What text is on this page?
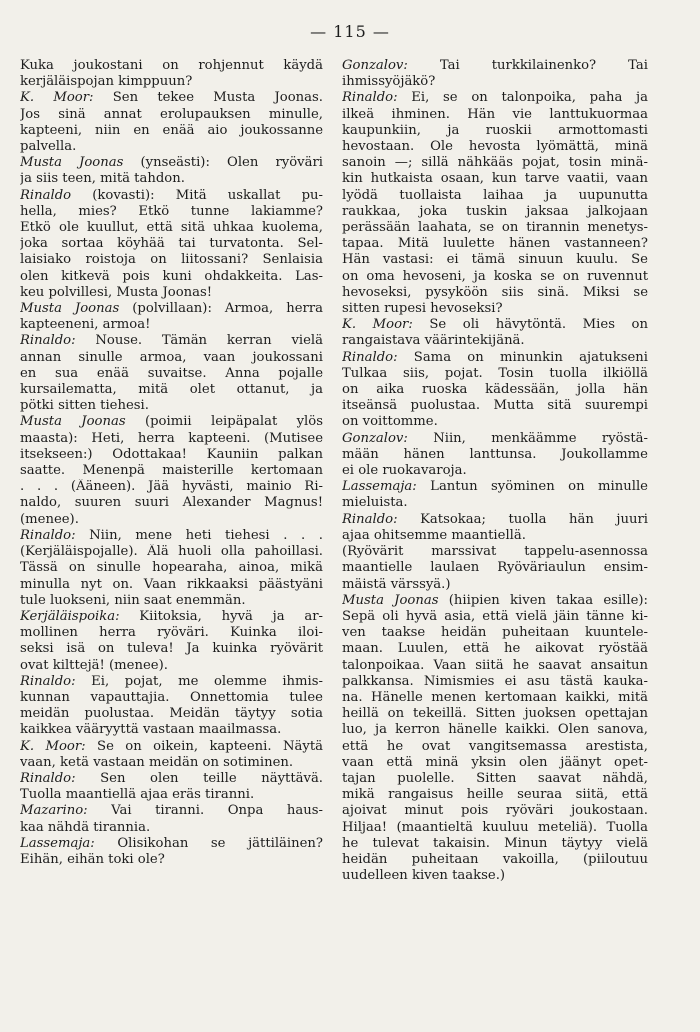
— 115 —
Kuka joukostani on rohjennut käydä
kerjäläispojan kimppuun?
K. Moor: Sen tekee Musta Joonas.
Jos sinä annat erolupauksen minulle,
kapteeni, niin en enää aio joukossanne
palvella.
Musta Joonas (ynseästi): Olen ryöväri
ja siis teen, mitä tahdon.
Rinaldo (kovasti): Mitä uskallat pu-
hella, mies? Etkö tunne lakiamme?
Etkö ole kuullut, että sitä uhkaa kuolema,
joka sortaa köyhää tai turvatonta. Sel-
laisiako roistoja on liitossani? Senlaisia
olen kitkevä pois kuni ohdakkeita. Las-
keu polvillesi, Musta Joonas!
Musta Joonas (polvillaan): Armoa, herra
kapteeneni, armoa!
Rinaldo: Nouse. Tämän kerran vielä
annan sinulle armoa, vaan joukossani
en sua enää suvaitse. Anna pojalle
kursailematta, mitä olet ottanut, ja
pötki sitten tiehesi.
Musta Joonas (poimii leipäpalat ylös
maasta): Heti, herra kapteeni. (Mutisee
itsekseen:) Odottakaa! Kauniin palkan
saatte. Menenpä maisterille kertomaan
. . . (Ääneen). Jää hyvästi, mainio Ri-
naldo, suuren suuri Alexander Magnus!
(menee).
Rinaldo: Niin, mene heti tiehesi . . .
(Kerjäläispojalle). Älä huoli olla pahoillasi.
Tässä on sinulle hopearaha, ainoa, mikä
minulla nyt on. Vaan rikkaaksi päästyäni
tule luokseni, niin saat enemmän.
Kerjäläispoika: Kiitoksia, hyvä ja ar-
mollinen herra ryöväri. Kuinka iloi-
seksi isä on tuleva! Ja kuinka ryövärit
ovat kilttejä! (menee).
Rinaldo: Ei, pojat, me olemme ihmis-
kunnan vapauttajia. Onnettomia tulee
meidän puolustaa. Meidän täytyy sotia
kaikkea vääryyttä vastaan maailmassa.
K. Moor: Se on oikein, kapteeni. Näytä
vaan, ketä vastaan meidän on sotiminen.
Rinaldo: Sen olen teille näyttävä.
Tuolla maantiellä ajaa eräs tiranni.
Mazarino: Vai tiranni. Onpa haus-
kaa nähdä tirannia.
Lassemaja: Olisikohan se jättiläinen?
Eihän, eihän toki ole?
Gonzalov: Tai turkkilainenko? Tai
ihmissyöjäkö?
Rinaldo: Ei, se on talonpoika, paha ja
ilkeä ihminen. Hän vie lanttukuormaa
kaupunkiin, ja ruoskii armottomasti
hevostaan. Ole hevosta lyömättä, minä
sanoin —; sillä nähkääs pojat, tosin minä-
kin hutkaista osaan, kun tarve vaatii, vaan
lyödä tuollaista laihaa ja uupunutta
raukkaa, joka tuskin jaksaa jalkojaan
perässään laahata, se on tirannin menetys-
tapaa. Mitä luulette hänen vastanneen?
Hän vastasi: ei tämä sinuun kuulu. Se
on oma hevoseni, ja koska se on ruvennut
hevoseksi, pysyköön siis sinä. Miksi se
sitten rupesi hevoseksi?
K. Moor: Se oli hävytöntä. Mies on
rangaistava väärintekijänä.
Rinaldo: Sama on minunkin ajatukseni
Tulkaa siis, pojat. Tosin tuolla ilkiöllä
on aika ruoska kädessään, jolla hän
itseänsä puolustaa. Mutta sitä suurempi
on voittomme.
Gonzalov: Niin, menkäämme ryöstä-
mään hänen lanttunsa. Joukollamme
ei ole ruokavaroja.
Lassemaja: Lantun syöminen on minulle
mieluista.
Rinaldo: Katsokaa; tuolla hän juuri
ajaa ohitsemme maantiellä.
(Ryövärit marssivat tappelu-asennossa
maantielle laulaen Ryöväriaulun ensim-
mäistä värssyä.)
Musta Joonas (hiipien kiven takaa esille):
Sepä oli hyvä asia, että vielä jäin tänne ki-
ven taakse heidän puheitaan kuuntele-
maan. Luulen, että he aikovat ryöstää
talonpoikaa. Vaan siitä he saavat ansaitun
palkkansa. Nimismies ei asu tästä kauka-
na. Hänelle menen kertomaan kaikki, mitä
heillä on tekeillä. Sitten juoksen opettajan
luo, ja kerron hänelle kaikki. Olen sanova,
että he ovat vangitsemassa arestista,
vaan että minä yksin olen jäänyt opet-
tajan puolelle. Sitten saavat nähdä,
mikä rangaisus heille seuraa siitä, että
ajoivat minut pois ryöväri joukostaan.
Hiljaa! (maantieltä kuuluu meteliä). Tuolla
he tulevat takaisin. Minun täytyy vielä
heidän puheitaan vakoilla, (piiloutuu
uudelleen kiven taakse.)
